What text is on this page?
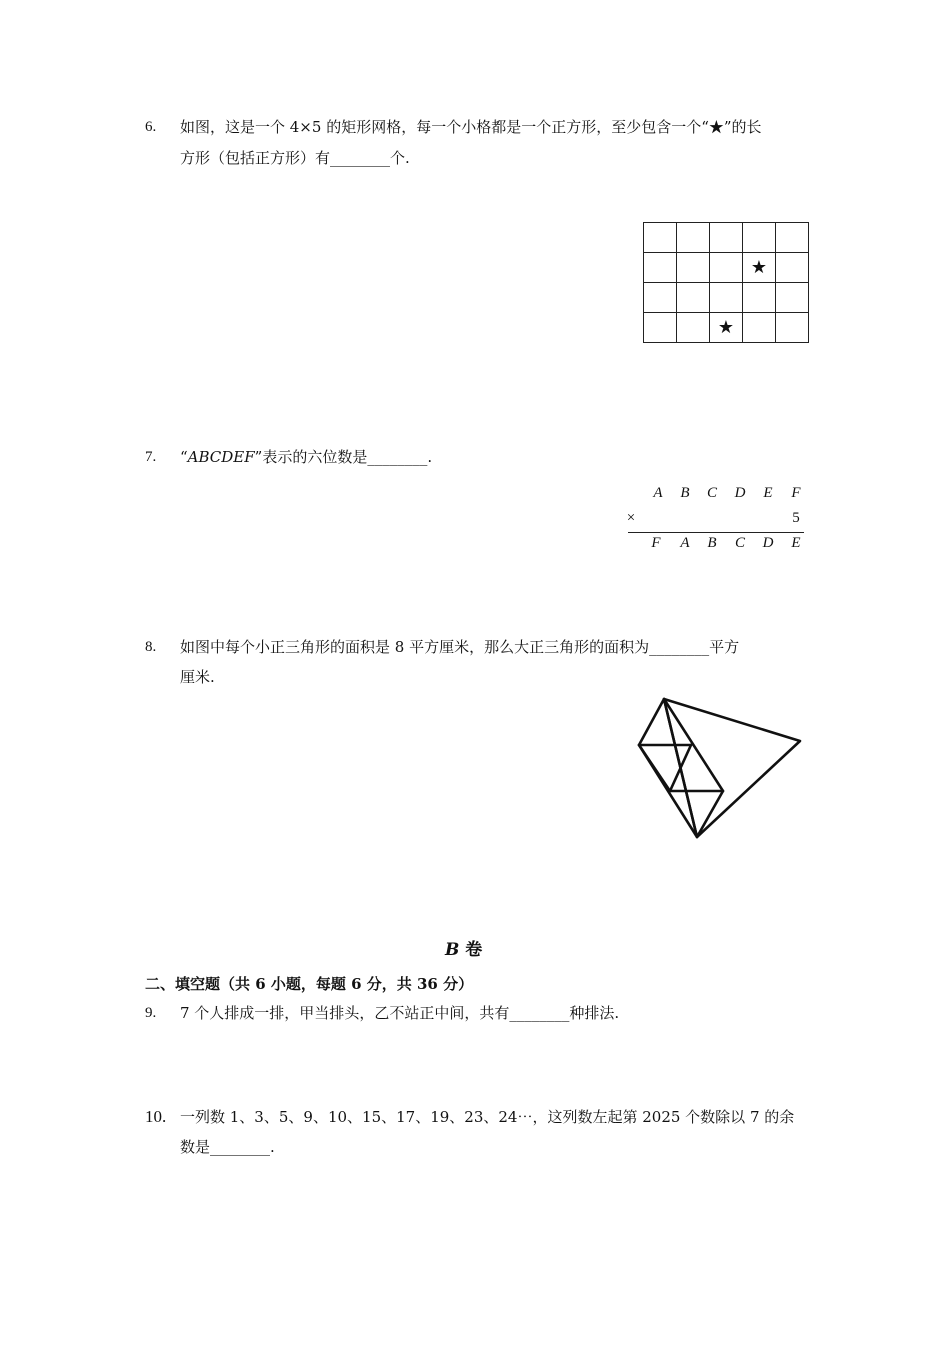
6. 如图，这是一个 4×5 的矩形网格，每一个小格都是一个正方形，至少包含一个“★”的长
方形（包括正方形）有________个.

			★	

		★		
7. “ABCDEF”表示的六位数是________.
A	B	C	D	E	F
×	5
F	A	B	C	D	E
8. 如图中每个小正三角形的面积是 8 平方厘米，那么大正三角形的面积为________平方
厘米.
B 卷
二、填空题（共 6 小题，每题 6 分，共 36 分）
9. 7 个人排成一排，甲当排头，乙不站正中间，共有________种排法.
10. 一列数 1、3、5、9、10、15、17、19、23、24⋯，这列数左起第 2025 个数除以 7 的余
数是________.
